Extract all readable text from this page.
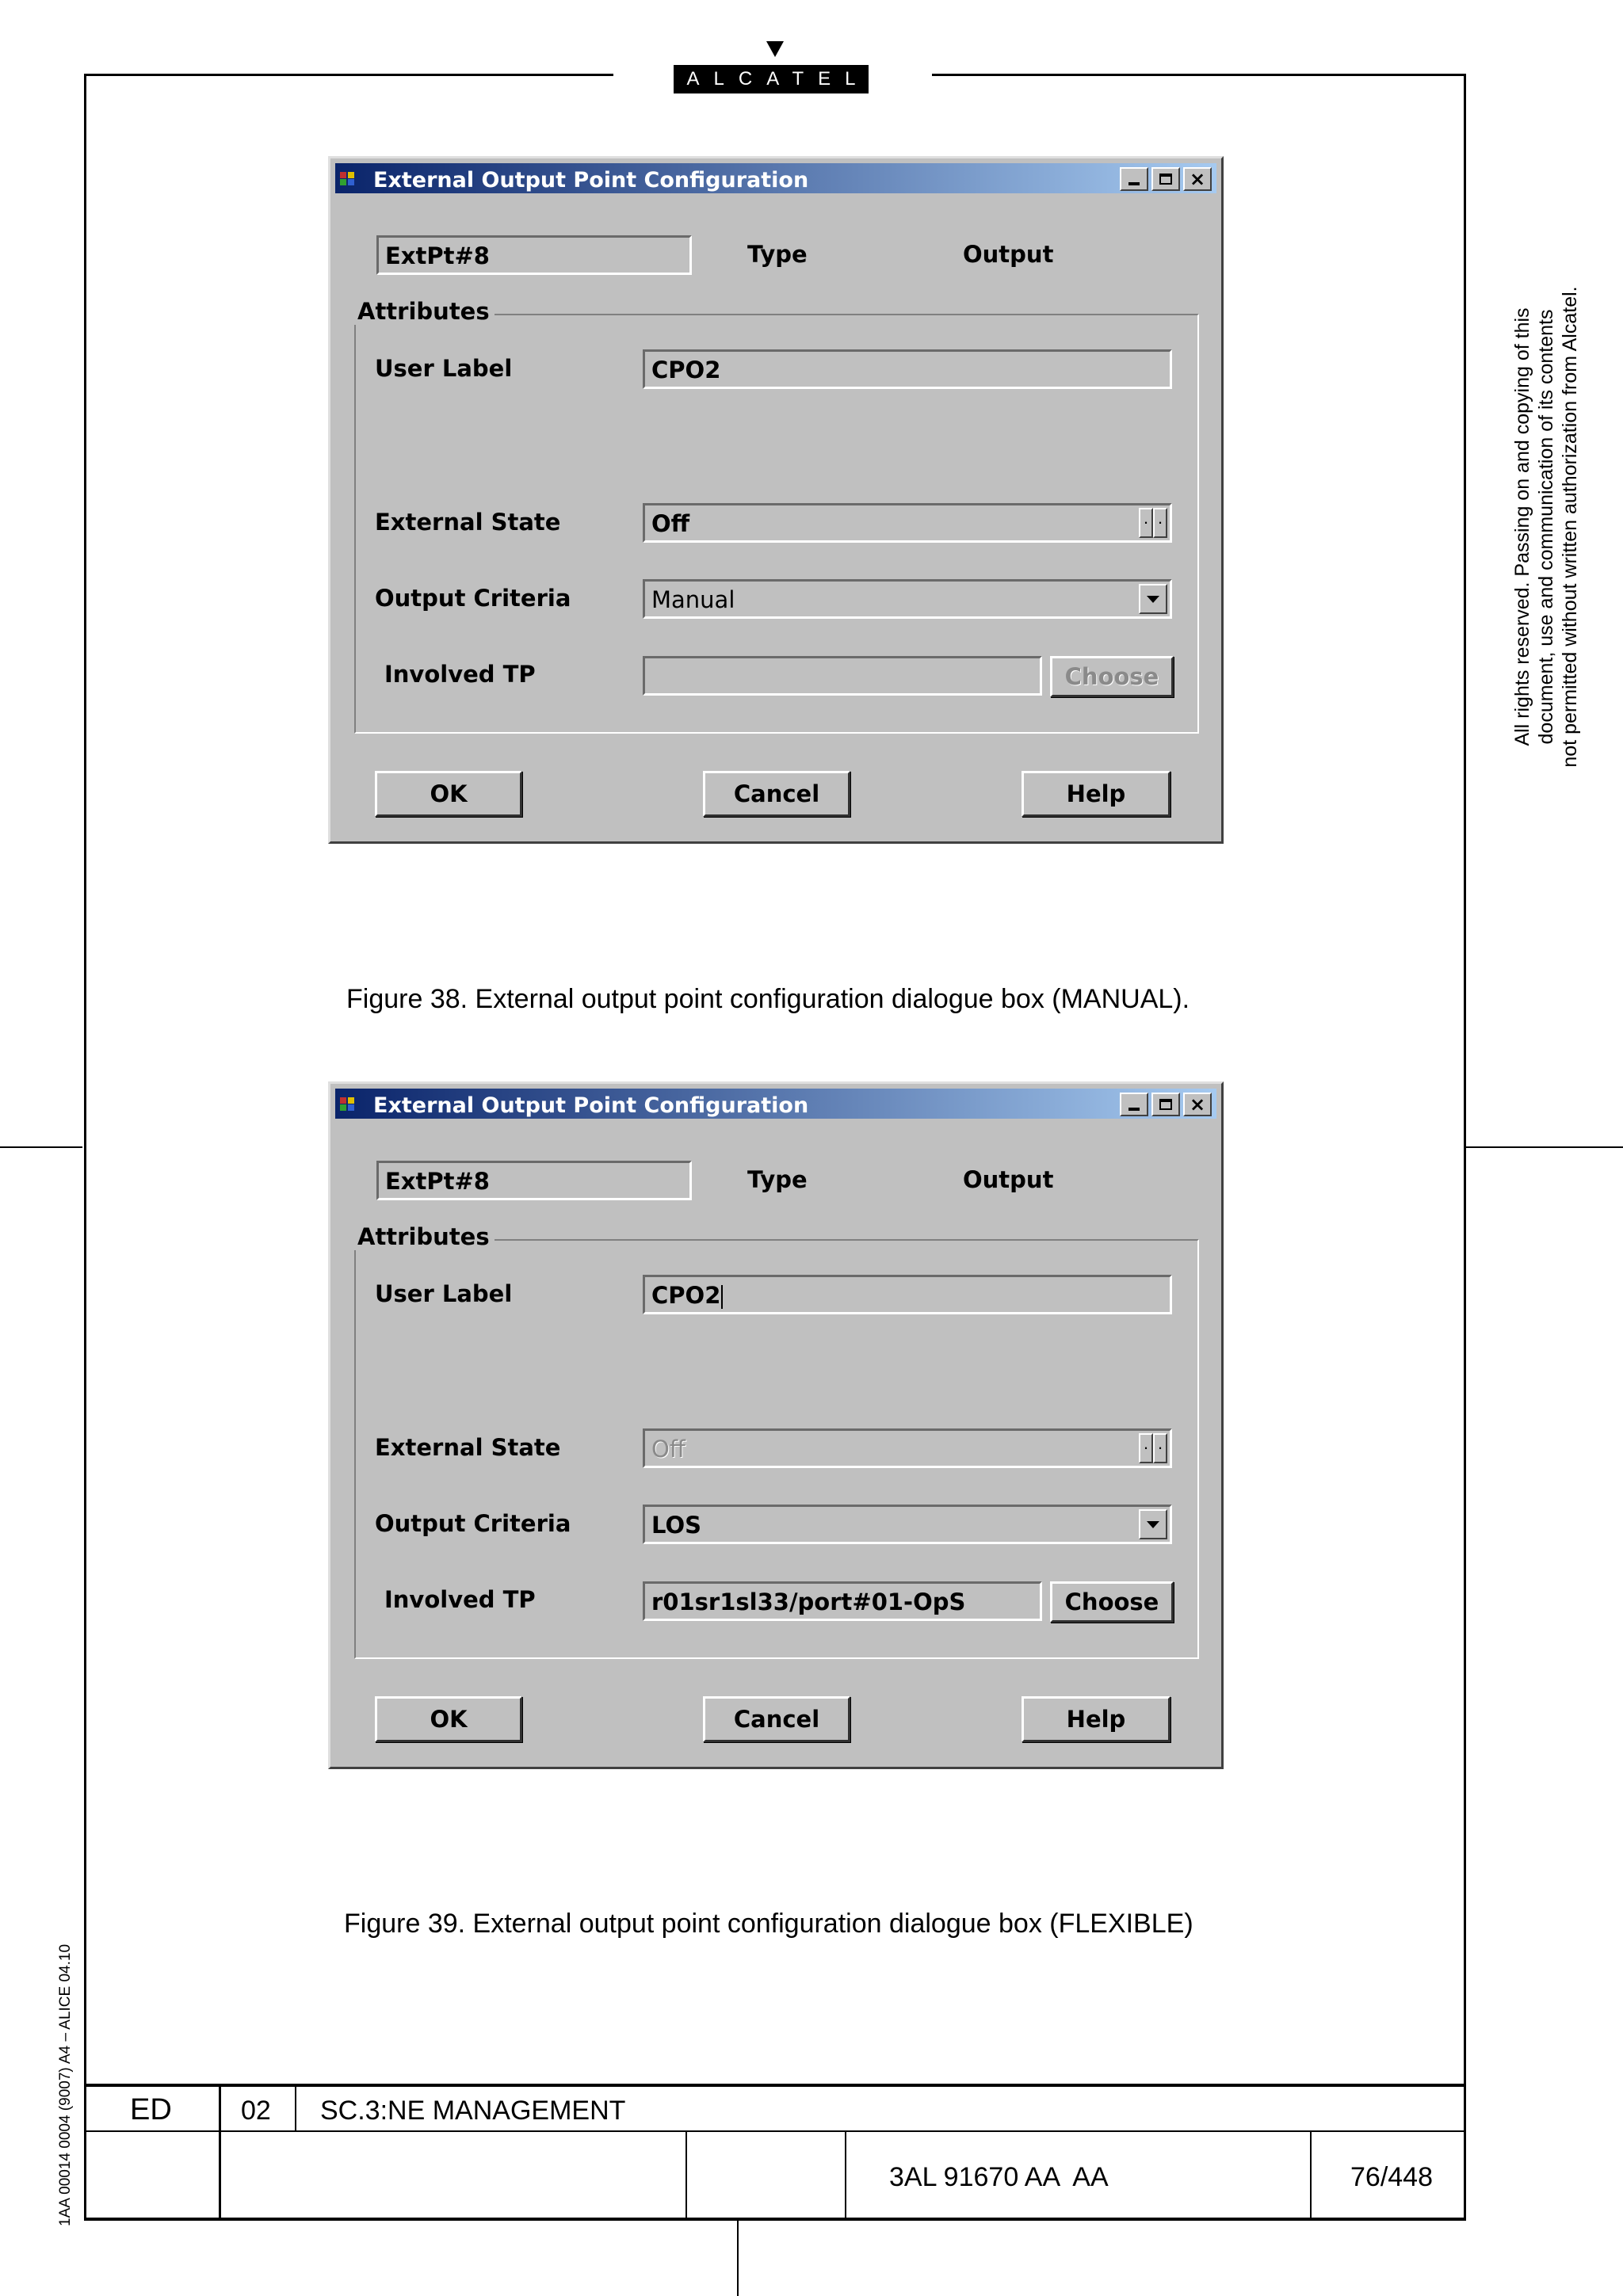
ALCATEL
All rights reserved. Passing on and copying of this document, use and communication of its contents not permitted without written authorization from Alcatel.
1AA 00014 0004 (9007) A4 – ALICE 04.10
External Output Point Configuration	×
ExtPt#8	Type	Output
Attributes
User Label	CPO2
External State	Off	·	·
Output Criteria	Manual
Involved TP	Choose
OK	Cancel	Help
Figure 38. External output point configuration dialogue box (MANUAL).
External Output Point Configuration	×
ExtPt#8	Type	Output
Attributes
User Label	CPO2
External State	Off	·	·
Output Criteria	LOS
Involved TP	r01sr1sl33/port#01-OpS	Choose
OK	Cancel	Help
Figure 39. External output point configuration dialogue box (FLEXIBLE)
ED	02 SC.3:NE MANAGEMENT
3AL 91670 AA  AA	76/448
